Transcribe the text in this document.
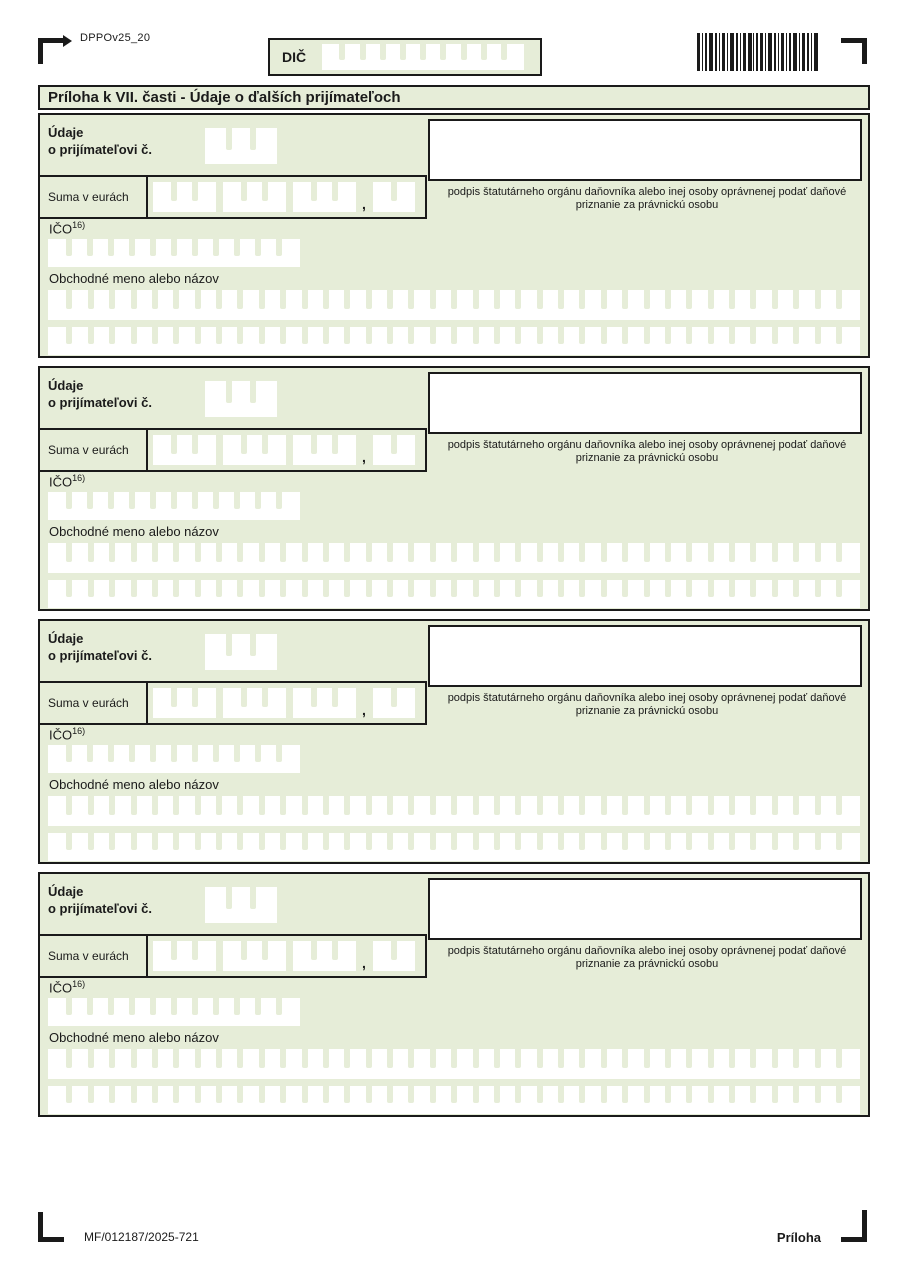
DPPOv25_20
DIČ
Príloha k VII. časti - Údaje o ďalších prijímateľoch
Údaje
o prijímateľovi č.
podpis štatutárneho orgánu daňovníka alebo inej osoby oprávnenej podať daňové priznanie za právnickú osobu
Suma v eurách	,
IČO$^{16)}$
Obchodné meno alebo názov
Údaje
o prijímateľovi č.
podpis štatutárneho orgánu daňovníka alebo inej osoby oprávnenej podať daňové priznanie za právnickú osobu
Suma v eurách	,
IČO$^{16)}$
Obchodné meno alebo názov
Údaje
o prijímateľovi č.
podpis štatutárneho orgánu daňovníka alebo inej osoby oprávnenej podať daňové priznanie za právnickú osobu
Suma v eurách	,
IČO$^{16)}$
Obchodné meno alebo názov
Údaje
o prijímateľovi č.
podpis štatutárneho orgánu daňovníka alebo inej osoby oprávnenej podať daňové priznanie za právnickú osobu
Suma v eurách	,
IČO$^{16)}$
Obchodné meno alebo názov
MF/012187/2025-721	Príloha
